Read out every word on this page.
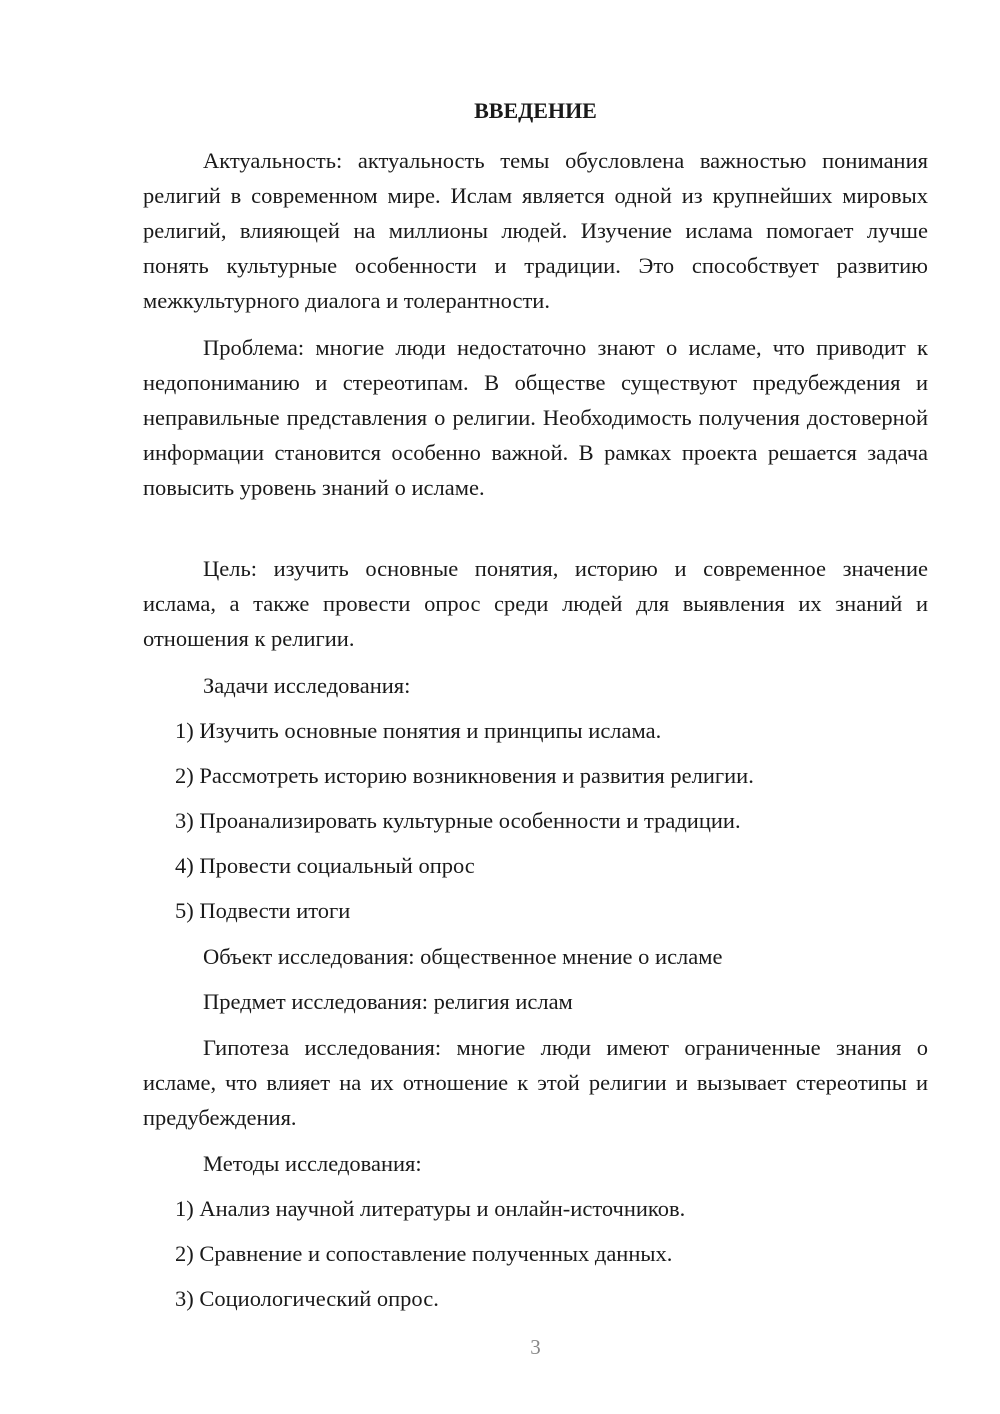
ВВЕДЕНИЕ
Актуальность: актуальность темы обусловлена важностью понимания религий в современном мире. Ислам является одной из крупнейших мировых религий, влияющей на миллионы людей. Изучение ислама помогает лучше понять культурные особенности и традиции. Это способствует развитию межкультурного диалога и толерантности.
Проблема: многие люди недостаточно знают о исламе, что приводит к недопониманию и стереотипам. В обществе существуют предубеждения и неправильные представления о религии. Необходимость получения достоверной информации становится особенно важной. В рамках проекта решается задача повысить уровень знаний о исламе.
Цель: изучить основные понятия, историю и современное значение ислама, а также провести опрос среди людей для выявления их знаний и отношения к религии.
Задачи исследования:
1) Изучить основные понятия и принципы ислама.
2) Рассмотреть историю возникновения и развития религии.
3) Проанализировать культурные особенности и традиции.
4) Провести социальный опрос
5) Подвести итоги
Объект исследования: общественное мнение о исламе
Предмет исследования: религия ислам
Гипотеза исследования: многие люди имеют ограниченные знания о исламе, что влияет на их отношение к этой религии и вызывает стереотипы и предубеждения.
Методы исследования:
1) Анализ научной литературы и онлайн-источников.
2) Сравнение и сопоставление полученных данных.
3) Социологический опрос.
3
